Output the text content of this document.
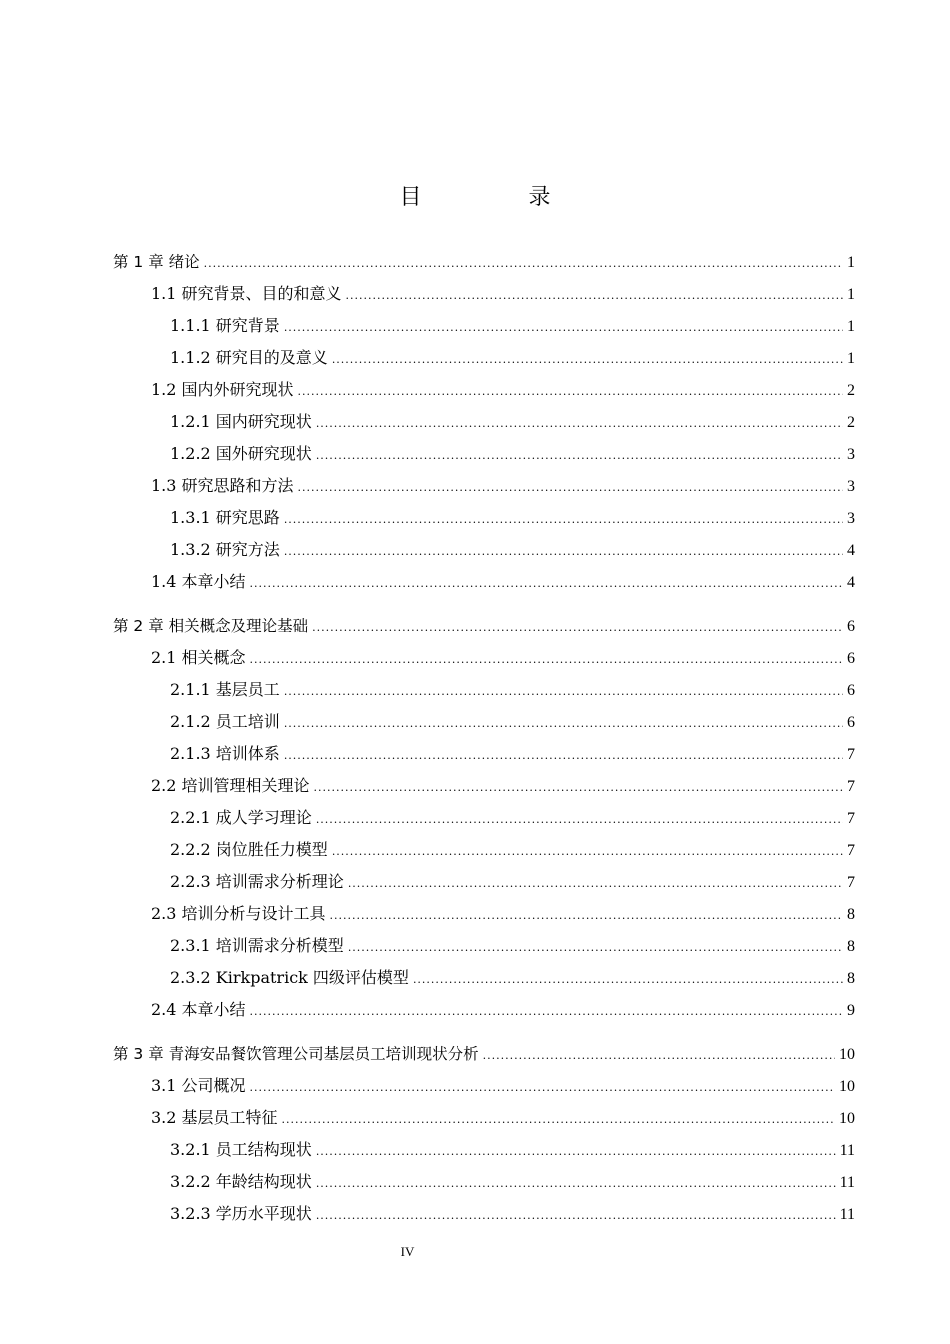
目 录
第 1 章 绪论 .....	1
1.1 研究背景、目的和意义 .....	1
1.1.1 研究背景 .....	1
1.1.2 研究目的及意义 .....	1
1.2 国内外研究现状 .....	2
1.2.1 国内研究现状 .....	2
1.2.2 国外研究现状 .....	3
1.3 研究思路和方法 .....	3
1.3.1 研究思路 .....	3
1.3.2 研究方法 .....	4
1.4 本章小结 .....	4
第 2 章 相关概念及理论基础 .....	6
2.1 相关概念 .....	6
2.1.1 基层员工 .....	6
2.1.2 员工培训 .....	6
2.1.3 培训体系 .....	7
2.2 培训管理相关理论 .....	7
2.2.1 成人学习理论 .....	7
2.2.2 岗位胜任力模型 .....	7
2.2.3 培训需求分析理论 .....	7
2.3 培训分析与设计工具 .....	8
2.3.1 培训需求分析模型 .....	8
2.3.2 Kirkpatrick 四级评估模型 .....	8
2.4 本章小结 .....	9
第 3 章 青海安品餐饮管理公司基层员工培训现状分析 .....	10
3.1 公司概况 .....	10
3.2 基层员工特征 .....	10
3.2.1 员工结构现状 .....	11
3.2.2 年龄结构现状 .....	11
3.2.3 学历水平现状 .....	11
IV
